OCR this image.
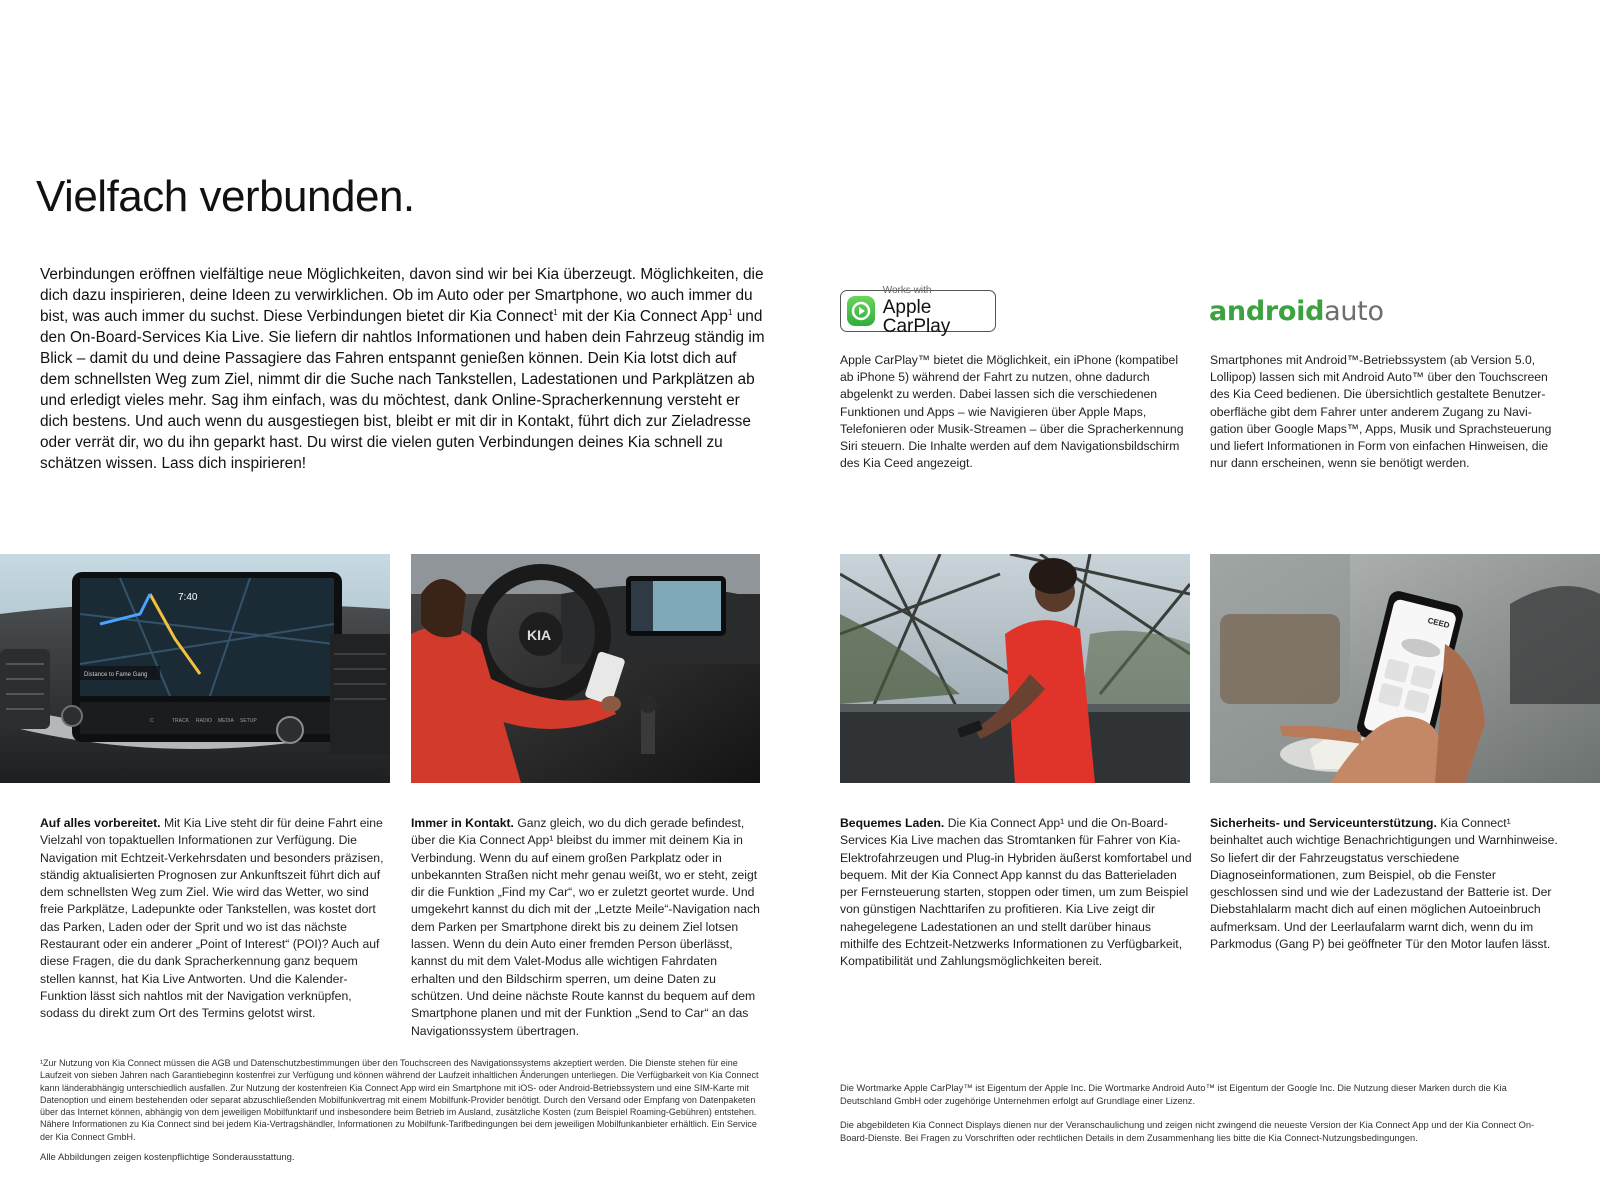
Vielfach verbunden.

Verbindungen eröffnen vielfältige neue Möglichkeiten, davon sind wir bei Kia überzeugt. Möglichkeiten, die dich dazu inspirieren, deine Ideen zu verwirklichen. Ob im Auto oder per Smartphone, wo auch immer du bist, was auch immer du suchst. Diese Verbindungen bietet dir Kia Connect$^1$ mit der Kia Connect App$^1$ und den On-Board-Services Kia Live. Sie liefern dir nahtlos Informationen und haben dein Fahrzeug ständig im Blick – damit du und deine Passagiere das Fahren entspannt genießen können. Dein Kia lotst dich auf dem schnellsten Weg zum Ziel, nimmt dir die Suche nach Tankstellen, Ladestationen und Parkplätzen ab und erledigt vieles mehr. Sag ihm einfach, was du möchtest, dank Online-Spracherkennung versteht er dich bestens. Und auch wenn du ausgestiegen bist, bleibt er mit dir in Kontakt, führt dich zur Zieladresse oder verrät dir, wo du ihn geparkt hast. Du wirst die vielen guten Verbindungen deines Kia schnell zu schätzen wissen. Lass dich inspirieren!

Works with
Apple CarPlay	androidauto

Apple CarPlay™ bietet die Möglichkeit, ein iPhone (kompatibel ab iPhone 5) während der Fahrt zu nutzen, ohne dadurch abgelenkt zu werden. Dabei lassen sich die verschiedenen Funktionen und Apps – wie Navigieren über Apple Maps, Telefonieren oder Musik-Streamen – über die Spracherkennung Siri steuern. Die Inhalte werden auf dem Navigationsbildschirm des Kia Ceed angezeigt.

Smartphones mit Android™-Betriebssystem (ab Version 5.0, Lollipop) lassen sich mit Android Auto™ über den Touchscreen des Kia Ceed bedienen. Die übersichtlich gestaltete Benutzeroberfläche gibt dem Fahrer unter anderem Zugang zu Navigation über Google Maps™, Apps, Musik und Sprachsteuerung und liefert Informationen in Form von einfachen Hinweisen, die nur dann erscheinen, wenn sie benötigt werden.

7:40
Distance to Fame Gang
C	TRACK RADIO MEDIA SETUP
KIA
CEED

Auf alles vorbereitet. Mit Kia Live steht dir für deine Fahrt eine Vielzahl von topaktuellen Informationen zur Verfügung. Die Navigation mit Echtzeit-Verkehrsdaten und besonders präzisen, ständig aktualisierten Prognosen zur Ankunftszeit führt dich auf dem schnellsten Weg zum Ziel. Wie wird das Wetter, wo sind freie Parkplätze, Ladepunkte oder Tankstellen, was kostet dort das Parken, Laden oder der Sprit und wo ist das nächste Restaurant oder ein anderer „Point of Interest“ (POI)? Auch auf diese Fragen, die du dank Spracherkennung ganz bequem stellen kannst, hat Kia Live Antworten. Und die Kalender-Funktion lässt sich nahtlos mit der Navigation verknüpfen, sodass du direkt zum Ort des Termins gelotst wirst.

Immer in Kontakt. Ganz gleich, wo du dich gerade befindest, über die Kia Connect App¹ bleibst du immer mit deinem Kia in Verbindung. Wenn du auf einem großen Parkplatz oder in unbekannten Straßen nicht mehr genau weißt, wo er steht, zeigt dir die Funktion „Find my Car“, wo er zuletzt geortet wurde. Und umgekehrt kannst du dich mit der „Letzte Meile“-Navigation nach dem Parken per Smartphone direkt bis zu deinem Ziel lotsen lassen. Wenn du dein Auto einer fremden Person überlässt, kannst du mit dem Valet-Modus alle wichtigen Fahrdaten erhalten und den Bildschirm sperren, um deine Daten zu schützen. Und deine nächste Route kannst du bequem auf dem Smartphone planen und mit der Funktion „Send to Car“ an das Navigationssystem übertragen.

Bequemes Laden. Die Kia Connect App¹ und die On-Board-Services Kia Live machen das Stromtanken für Fahrer von Kia-Elektrofahrzeugen und Plug-in Hybriden äußerst komfortabel und bequem. Mit der Kia Connect App kannst du das Batterieladen per Fernsteuerung starten, stoppen oder timen, um zum Beispiel von günstigen Nachttarifen zu profitieren. Kia Live zeigt dir nahegelegene Ladestationen an und stellt darüber hinaus mithilfe des Echtzeit-Netzwerks Informationen zu Verfügbarkeit, Kompatibilität und Zahlungsmöglichkeiten bereit.

Sicherheits- und Serviceunterstützung. Kia Connect¹ beinhaltet auch wichtige Benachrichtigungen und Warnhinweise. So liefert dir der Fahrzeugstatus verschiedene Diagnoseinformationen, zum Beispiel, ob die Fenster geschlossen sind und wie der Ladezustand der Batterie ist. Der Diebstahlalarm macht dich auf einen möglichen Autoeinbruch aufmerksam. Und der Leerlaufalarm warnt dich, wenn du im Parkmodus (Gang P) bei geöffneter Tür den Motor laufen lässt.

¹Zur Nutzung von Kia Connect müssen die AGB und Datenschutzbestimmungen über den Touchscreen des Navigationssystems akzeptiert werden. Die Dienste stehen für eine Laufzeit von sieben Jahren nach Garantiebeginn kostenfrei zur Verfügung und können während der Laufzeit inhaltlichen Änderungen unterliegen. Die Verfügbarkeit von Kia Connect kann länderabhängig unterschiedlich ausfallen. Zur Nutzung der kostenfreien Kia Connect App wird ein Smartphone mit iOS- oder Android-Betriebssystem und eine SIM-Karte mit Datenoption und einem bestehenden oder separat abzuschließenden Mobilfunkvertrag mit einem Mobilfunk-Provider benötigt. Durch den Versand oder Empfang von Datenpaketen über das Internet können, abhängig von dem jeweiligen Mobilfunktarif und insbesondere beim Betrieb im Ausland, zusätzliche Kosten (zum Beispiel Roaming-Gebühren) entstehen. Nähere Informationen zu Kia Connect sind bei jedem Kia-Vertragshändler, Informationen zu Mobilfunk-Tarifbedingungen bei dem jeweiligen Mobilfunkanbieter erhältlich. Ein Service der Kia Connect GmbH.

Alle Abbildungen zeigen kostenpflichtige Sonderausstattung.

Die Wortmarke Apple CarPlay™ ist Eigentum der Apple Inc. Die Wortmarke Android Auto™ ist Eigentum der Google Inc. Die Nutzung dieser Marken durch die Kia Deutschland GmbH oder zugehörige Unternehmen erfolgt auf Grundlage einer Lizenz.

Die abgebildeten Kia Connect Displays dienen nur der Veranschaulichung und zeigen nicht zwingend die neueste Version der Kia Connect App und der Kia Connect On-Board-Dienste. Bei Fragen zu Vorschriften oder rechtlichen Details in dem Zusammenhang lies bitte die Kia Connect-Nutzungsbedingungen.
